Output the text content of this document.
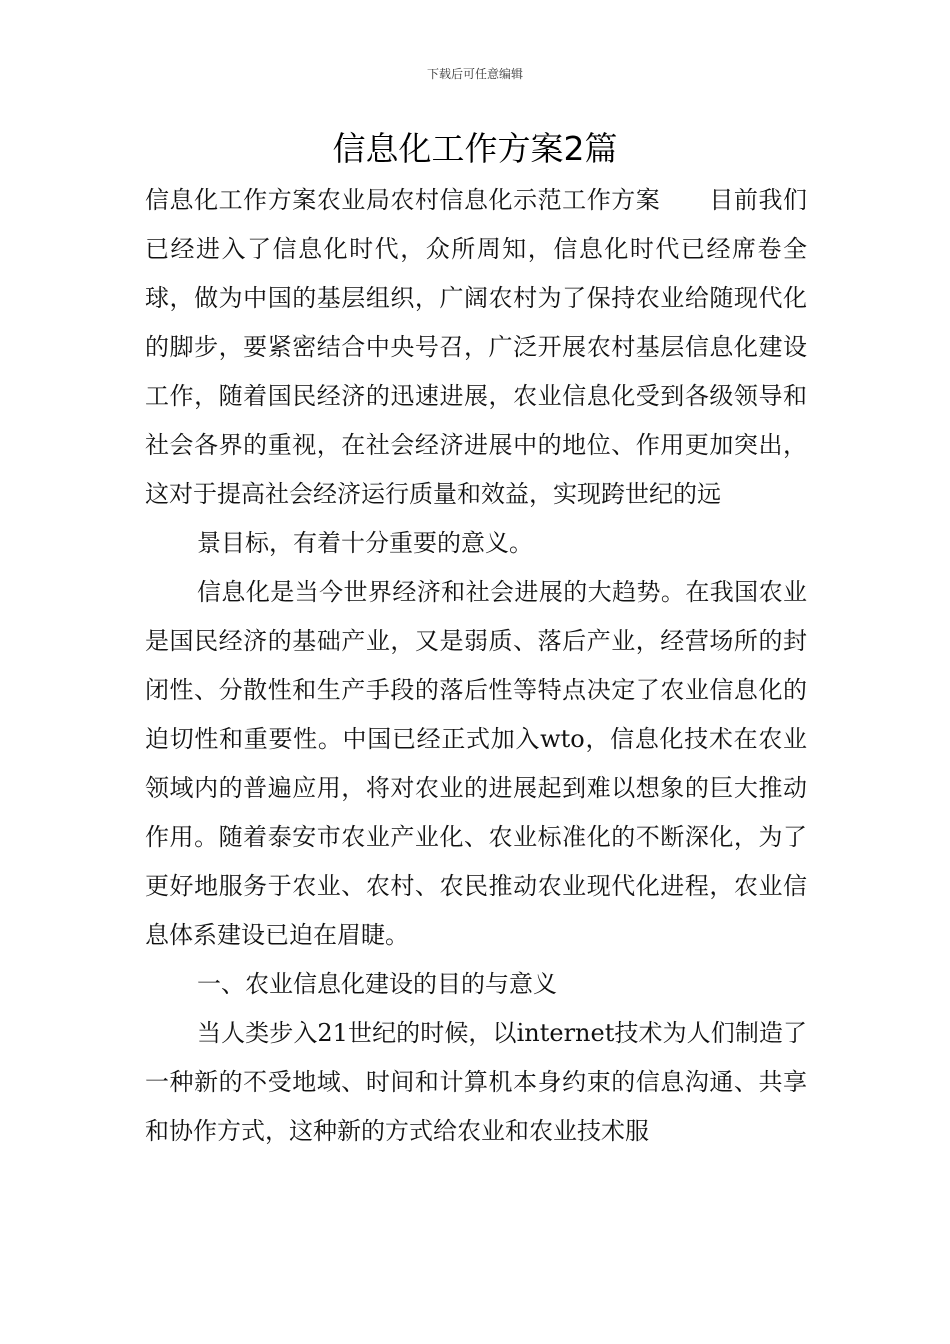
下载后可任意编辑
信息化工作方案2篇

信息化工作方案农业局农村信息化示范工作方案　　目前我们已经进入了信息化时代，众所周知，信息化时代已经席卷全球，做为中国的基层组织，广阔农村为了保持农业给随现代化的脚步，要紧密结合中央号召，广泛开展农村基层信息化建设工作，随着国民经济的迅速进展，农业信息化受到各级领导和社会各界的重视，在社会经济进展中的地位、作用更加突出，这对于提高社会经济运行质量和效益，实现跨世纪的远

景目标，有着十分重要的意义。

信息化是当今世界经济和社会进展的大趋势。在我国农业是国民经济的基础产业，又是弱质、落后产业，经营场所的封闭性、分散性和生产手段的落后性等特点决定了农业信息化的迫切性和重要性。中国已经正式加入wto，信息化技术在农业领域内的普遍应用，将对农业的进展起到难以想象的巨大推动作用。随着泰安市农业产业化、农业标准化的不断深化，为了更好地服务于农业、农村、农民推动农业现代化进程，农业信息体系建设已迫在眉睫。

一、农业信息化建设的目的与意义

当人类步入21世纪的时候，以internet技术为人们制造了一种新的不受地域、时间和计算机本身约束的信息沟通、共享和协作方式，这种新的方式给农业和农业技术服
